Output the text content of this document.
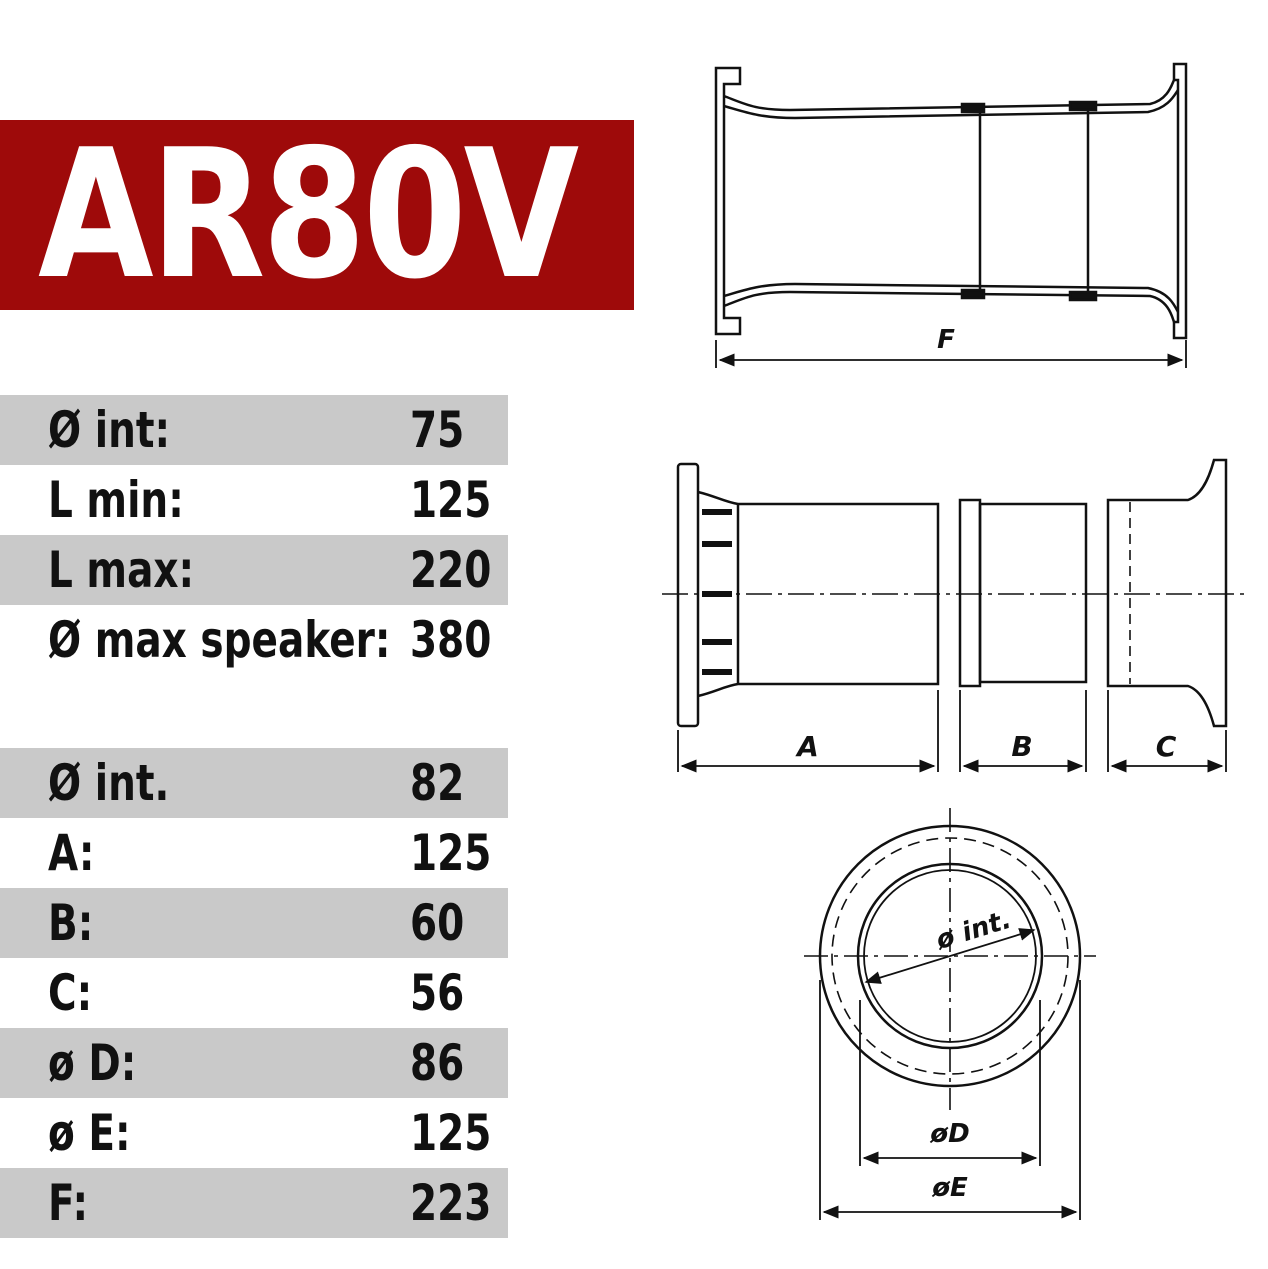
AR80V
Ø int:	75
L min:	125
L max:	220
Ø max speaker: 380
Ø int.	82
A:	125
B:	60
C:	56
ø D:	86
ø E:	125
F:	223
F
A	B	C
ø int.
øD
øE
